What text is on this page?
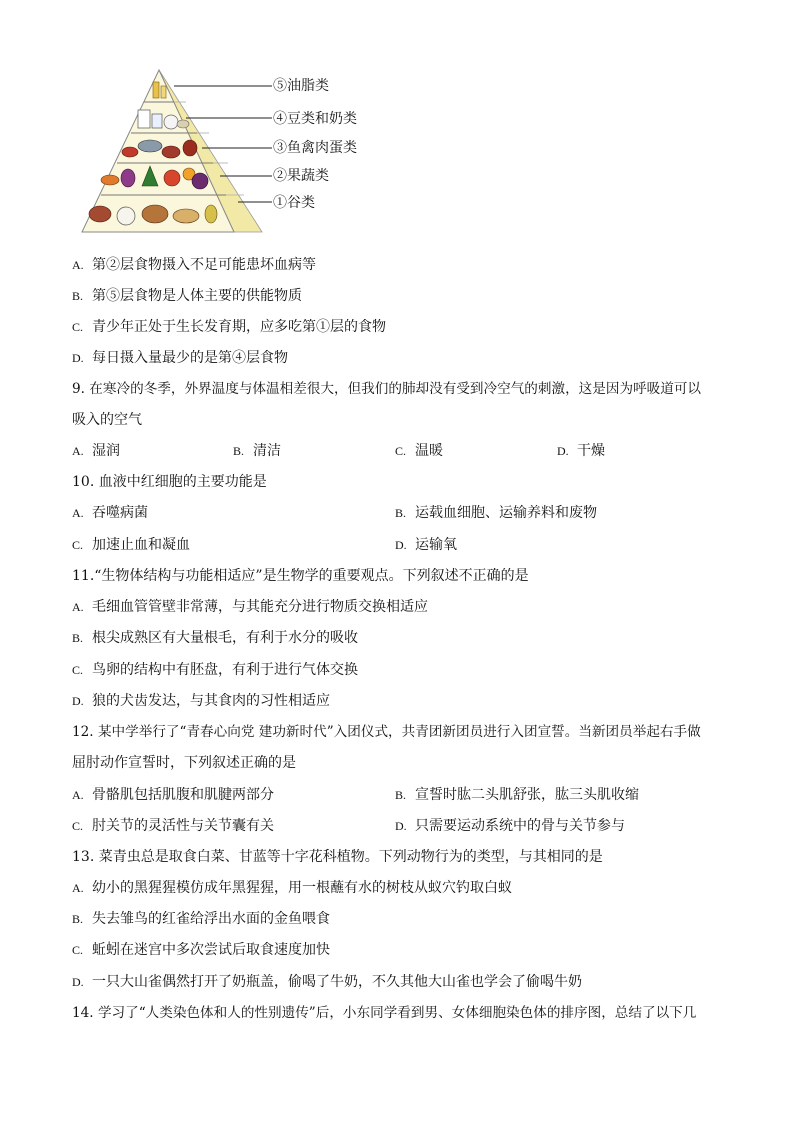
⑤油脂类
④豆类和奶类
③鱼禽肉蛋类
②果蔬类
①谷类
A. 第②层食物摄入不足可能患坏血病等
B. 第⑤层食物是人体主要的供能物质
C. 青少年正处于生长发育期，应多吃第①层的食物
D. 每日摄入量最少的是第④层食物
9. 在寒冷的冬季，外界温度与体温相差很大，但我们的肺却没有受到冷空气的刺激，这是因为呼吸道可以
吸入的空气
A. 湿润	B. 清洁	C. 温暖	D. 干燥
10. 血液中红细胞的主要功能是
A. 吞噬病菌	B. 运载血细胞、运输养料和废物
C. 加速止血和凝血	D. 运输氧
11.“生物体结构与功能相适应”是生物学的重要观点。下列叙述不正确的是
A. 毛细血管管壁非常薄，与其能充分进行物质交换相适应
B. 根尖成熟区有大量根毛，有利于水分的吸收
C. 鸟卵的结构中有胚盘，有利于进行气体交换
D. 狼的犬齿发达，与其食肉的习性相适应
12. 某中学举行了“青春心向党 建功新时代”入团仪式，共青团新团员进行入团宣誓。当新团员举起右手做
屈肘动作宣誓时，下列叙述正确的是
A. 骨骼肌包括肌腹和肌腱两部分	B. 宣誓时肱二头肌舒张，肱三头肌收缩
C. 肘关节的灵活性与关节囊有关	D. 只需要运动系统中的骨与关节参与
13. 菜青虫总是取食白菜、甘蓝等十字花科植物。下列动物行为的类型，与其相同的是
A. 幼小的黑猩猩模仿成年黑猩猩，用一根蘸有水的树枝从蚁穴钓取白蚁
B. 失去雏鸟的红雀给浮出水面的金鱼喂食
C. 蚯蚓在迷宫中多次尝试后取食速度加快
D. 一只大山雀偶然打开了奶瓶盖，偷喝了牛奶，不久其他大山雀也学会了偷喝牛奶
14. 学习了“人类染色体和人的性别遗传”后，小东同学看到男、女体细胞染色体的排序图，总结了以下几
